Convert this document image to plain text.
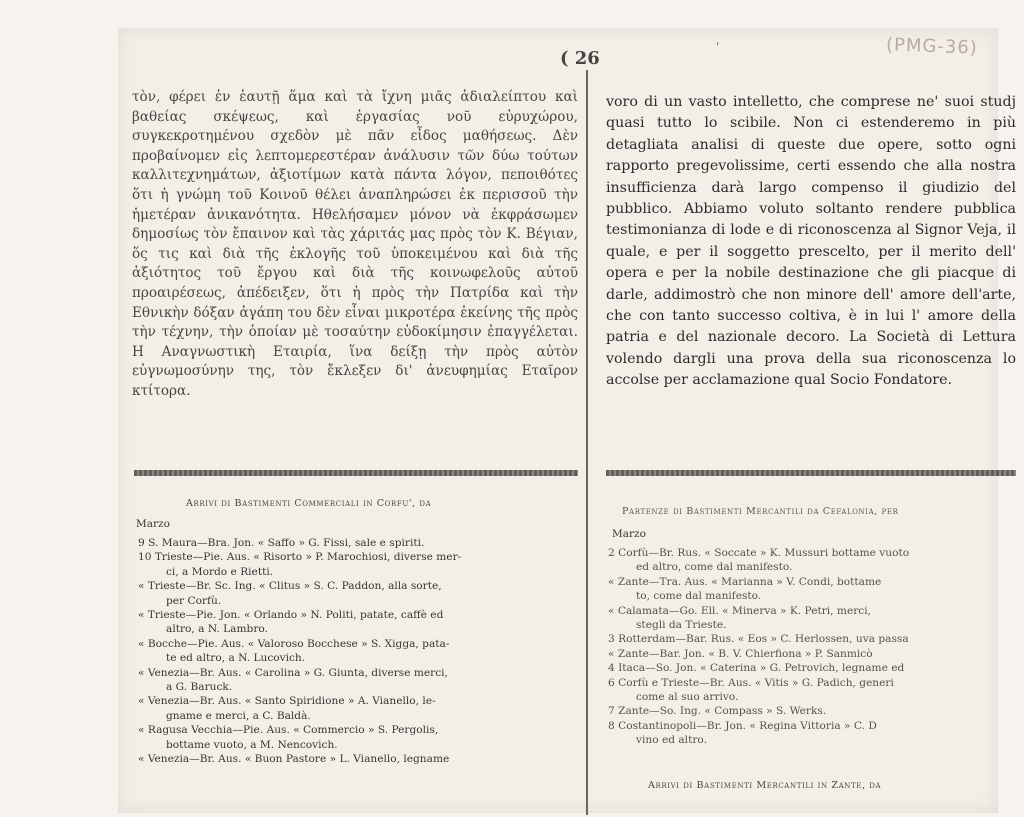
( 26
'	(PMG-36)
τὸν, φέρει ἐν ἑαυτῇ ἅμα καὶ τὰ ἴχνη μιᾶς ἀδιαλείπτου καὶ βαθείας σκέψεως, καὶ ἐργασίας νοῦ εὐρυχώρου, συγκεκροτημένου σχεδὸν μὲ πᾶν εἶδος μαθήσεως. Δὲν προβαίνομεν εἰς λεπτομερεστέραν ἀνάλυσιν τῶν δύω τούτων καλλιτεχνημάτων, ἀξιοτίμων κατὰ πάντα λόγον, πεποιθότες ὅτι ἡ γνώμη τοῦ Κοινοῦ θέλει ἀναπληρώσει ἐκ περισσοῦ τὴν ἡμετέραν ἀνικανότητα. Ηθελήσαμεν μόνον νὰ ἐκφράσωμεν δημοσίως τὸν ἔπαινον καὶ τὰς χάριτάς μας πρὸς τὸν Κ. Βέγιαν, ὅς τις καὶ διὰ τῆς ἐκλογῆς τοῦ ὑποκειμένου καὶ διὰ τῆς ἀξιότητος τοῦ ἔργου καὶ διὰ τῆς κοινωφελοῦς αὐτοῦ προαιρέσεως, ἀπέδειξεν, ὅτι ἡ πρὸς τὴν Πατρίδα καὶ τὴν Εθνικὴν δόξαν ἀγάπη του δὲν εἶναι μικροτέρα ἐκείνης τῆς πρὸς τὴν τέχνην, τὴν ὁποίαν μὲ τοσαύτην εὐδοκίμησιν ἐπαγγέλεται. Η Αναγνωστικὴ Εταιρία, ἵνα δείξῃ τὴν πρὸς αὐτὸν εὐγνωμοσύνην της, τὸν ἔκλεξεν δι' ἀνευφημίας Εταῖρον κτίτορα.
voro di un vasto intelletto, che comprese ne' suoi studj quasi tutto lo scibile. Non ci estenderemo in più detagliata analisi di queste due opere, sotto ogni rapporto pregevolissime, certi essendo che alla nostra insufficienza darà largo compenso il giudizio del pubblico. Abbiamo voluto soltanto rendere pubblica testimonianza di lode e di riconoscenza al Signor Veja, il quale, e per il soggetto prescelto, per il merito dell' opera e per la nobile destinazione che gli piacque di darle, addimostrò che non minore dell' amore dell'arte, che con tanto successo coltiva, è in lui l' amore della patria e del nazionale decoro. La Società di Lettura volendo dargli una prova della sua riconoscenza lo accolse per acclamazione qual Socio Fondatore.
Arrivi di Bastimenti Commerciali in Corfu', da
Marzo
9 S. Maura—Bra. Jon. « Saffo » G. Fissi, sale e spiriti.
10 Trieste—Pie. Aus. « Risorto » P. Marochiosi, diverse mer-
ci, a Mordo e Rietti.
« Trieste—Br. Sc. Ing. « Clitus » S. C. Paddon, alla sorte,
per Corfù.
« Trieste—Pie. Jon. « Orlando » N. Politi, patate, caffè ed
altro, a N. Lambro.
« Bocche—Pie. Aus. « Valoroso Bocchese » S. Xigga, pata-
te ed altro, a N. Lucovich.
« Venezia—Br. Aus. « Carolina » G. Giunta, diverse merci,
a G. Baruck.
« Venezia—Br. Aus. « Santo Spiridione » A. Vianello, le-
gname e merci, a C. Baldà.
« Ragusa Vecchia—Pie. Aus. « Commercio » S. Pergolis,
bottame vuoto, a M. Nencovich.
« Venezia—Br. Aus. « Buon Pastore » L. Vianello, legname
Partenze di Bastimenti Mercantili da Cefalonia, per
Marzo
2 Corfù—Br. Rus. « Soccate » K. Mussuri bottame vuoto
ed altro, come dal manifesto.
« Zante—Tra. Aus. « Marianna » V. Condi, bottame
to, come dal manifesto.
« Calamata—Go. Ell. « Minerva » K. Petri, merci,
stegli da Trieste.
3 Rotterdam—Bar. Rus. « Eos » C. Herlossen, uva passa
« Zante—Bar. Jon. « B. V. Chierfiona » P. Sanmicò
4 Itaca—So. Jon. « Caterina » G. Petrovich, legname ed
6 Corfù e Trieste—Br. Aus. « Vitis » G. Padich, generi
come al suo arrivo.
7 Zante—So. Ing. « Compass » S. Werks.
8 Costantinopoli—Br. Jon. « Regina Vittoria » C. D
vino ed altro.
Arrivi di Bastimenti Mercantili in Zante, da
